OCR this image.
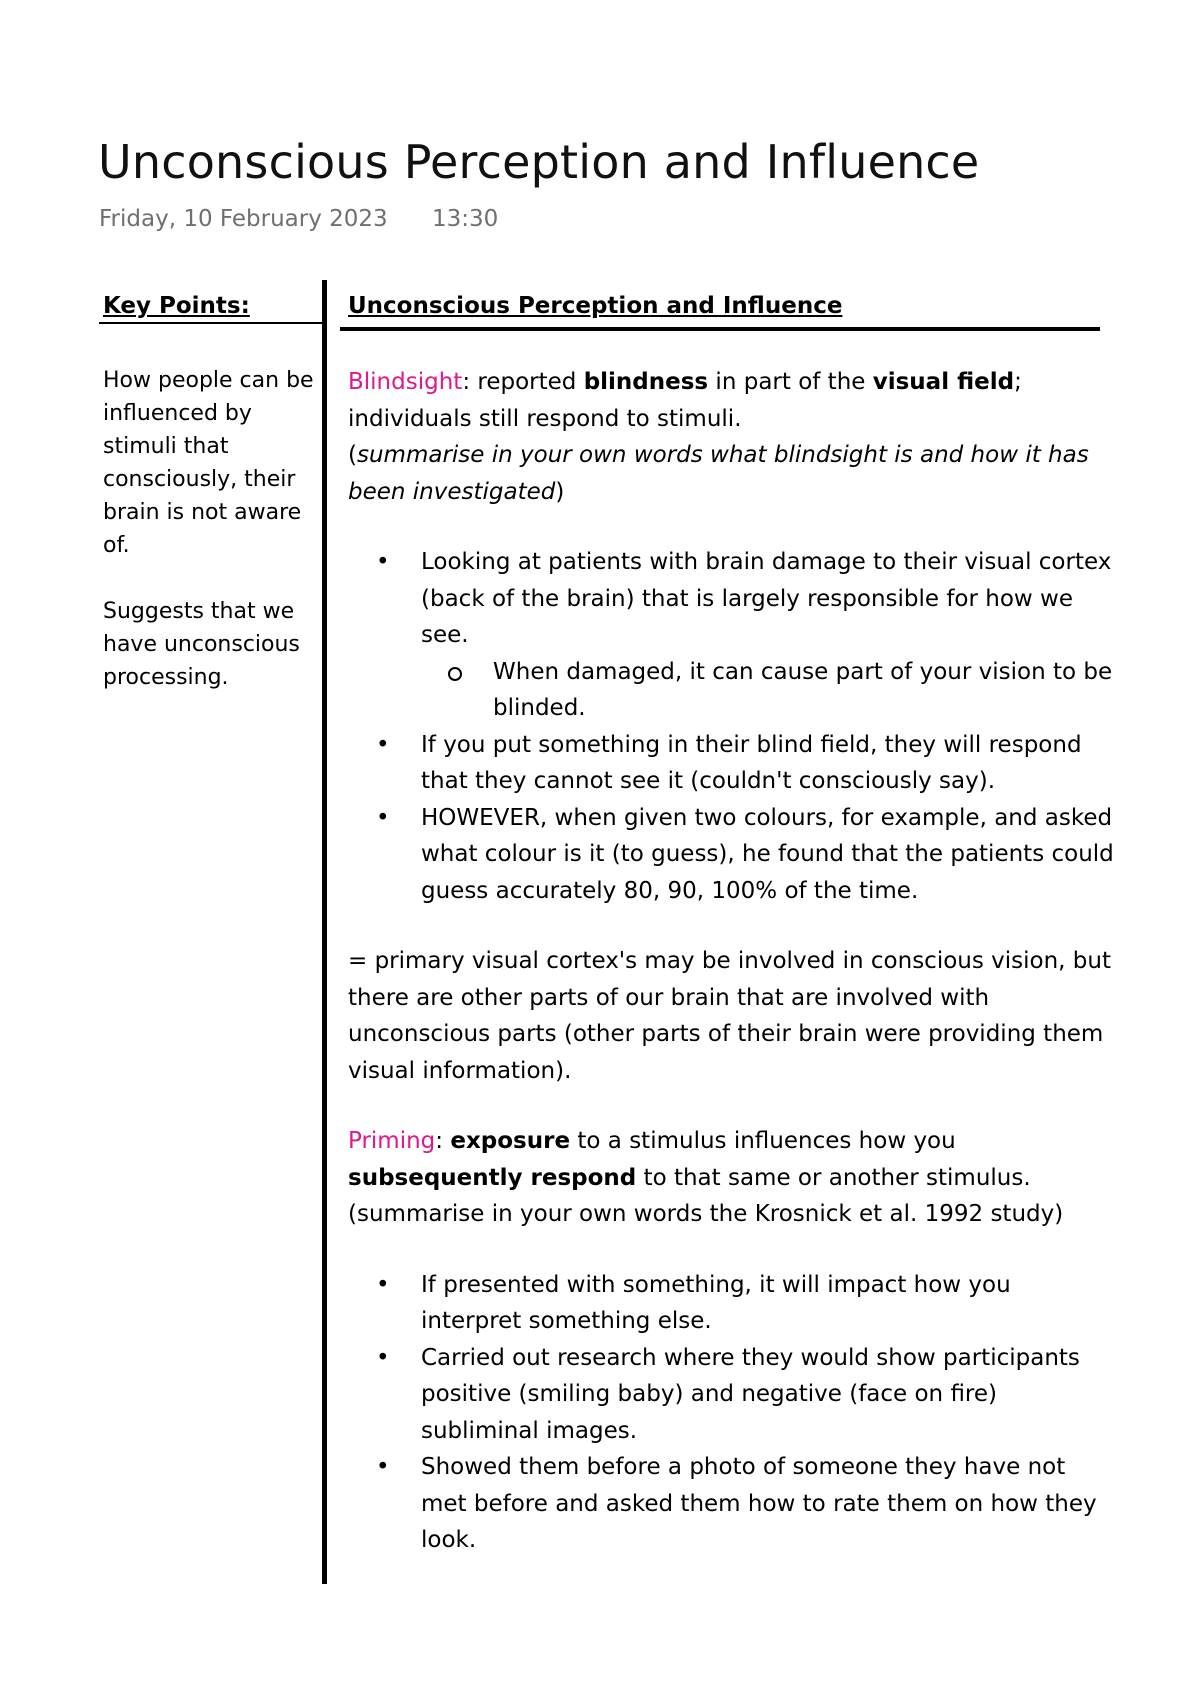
Unconscious Perception and Influence
Friday, 10 February 2023 13:30
Key Points:	Unconscious Perception and Influence

How people can be influenced by stimuli that consciously, their brain is not aware of.

Suggests that we have unconscious processing.

Blindsight: reported blindness in part of the visual field; individuals still respond to stimuli.

(summarise in your own words what blindsight is and how it has been investigated)

• Looking at patients with brain damage to their visual cortex (back of the brain) that is largely responsible for how we see.
When damaged, it can cause part of your vision to be blinded.
• If you put something in their blind field, they will respond that they cannot see it (couldn't consciously say).
• HOWEVER, when given two colours, for example, and asked what colour is it (to guess), he found that the patients could guess accurately 80, 90, 100% of the time.

= primary visual cortex's may be involved in conscious vision, but there are other parts of our brain that are involved with unconscious parts (other parts of their brain were providing them visual information).

Priming: exposure to a stimulus influences how you subsequently respond to that same or another stimulus.

(summarise in your own words the Krosnick et al. 1992 study)

• If presented with something, it will impact how you interpret something else.
• Carried out research where they would show participants positive (smiling baby) and negative (face on fire) subliminal images.
• Showed them before a photo of someone they have not met before and asked them how to rate them on how they look.
